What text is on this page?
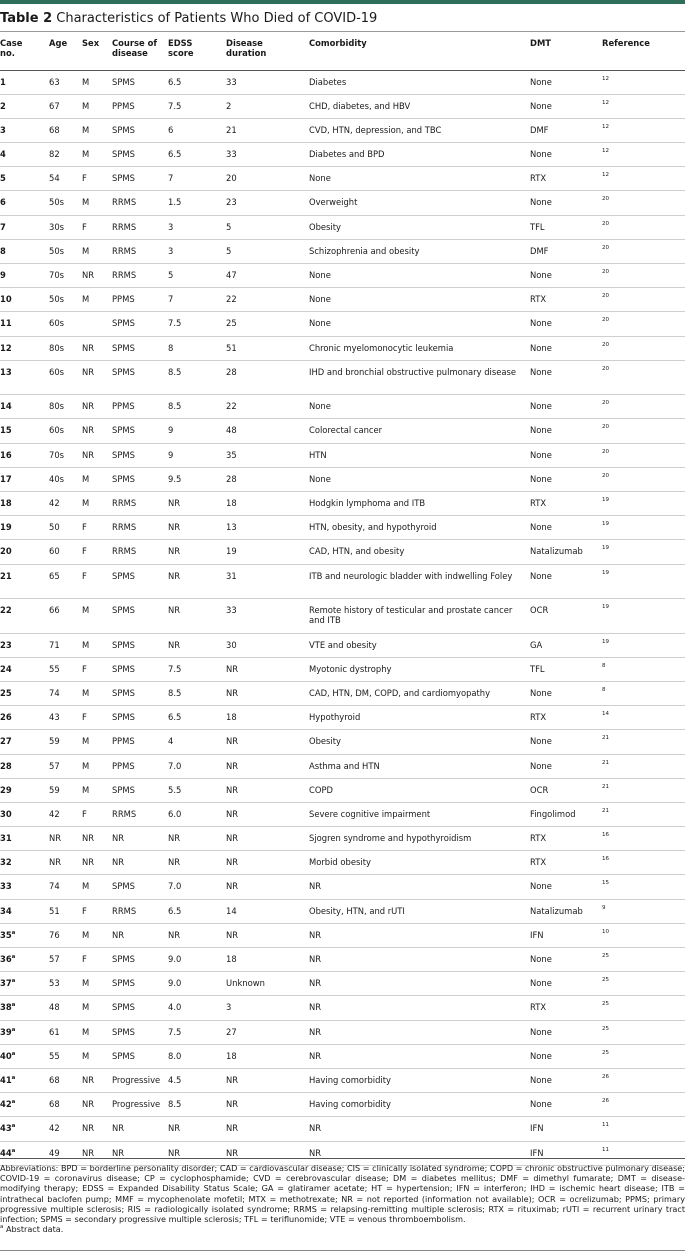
Table 2 Characteristics of Patients Who Died of COVID-19
Case no.	Age	Sex	Course of disease	EDSS score	Disease duration	Comorbidity	DMT	Reference
1	63	M	SPMS	6.5	33	Diabetes	None	$^{12}$
2	67	M	PPMS	7.5	2	CHD, diabetes, and HBV	None	$^{12}$
3	68	M	SPMS	6	21	CVD, HTN, depression, and TBC	DMF	$^{12}$
4	82	M	SPMS	6.5	33	Diabetes and BPD	None	$^{12}$
5	54	F	SPMS	7	20	None	RTX	$^{12}$
6	50s	M	RRMS	1.5	23	Overweight	None	$^{20}$
7	30s	F	RRMS	3	5	Obesity	TFL	$^{20}$
8	50s	M	RRMS	3	5	Schizophrenia and obesity	DMF	$^{20}$
9	70s	NR	RRMS	5	47	None	None	$^{20}$
10	50s	M	PPMS	7	22	None	RTX	$^{20}$
11	60s		SPMS	7.5	25	None	None	$^{20}$
12	80s	NR	SPMS	8	51	Chronic myelomonocytic leukemia	None	$^{20}$
13	60s	NR	SPMS	8.5	28	IHD and bronchial obstructive pulmonary disease	None	$^{20}$
14	80s	NR	PPMS	8.5	22	None	None	$^{20}$
15	60s	NR	SPMS	9	48	Colorectal cancer	None	$^{20}$
16	70s	NR	SPMS	9	35	HTN	None	$^{20}$
17	40s	M	SPMS	9.5	28	None	None	$^{20}$
18	42	M	RRMS	NR	18	Hodgkin lymphoma and ITB	RTX	$^{19}$
19	50	F	RRMS	NR	13	HTN, obesity, and hypothyroid	None	$^{19}$
20	60	F	RRMS	NR	19	CAD, HTN, and obesity	Natalizumab	$^{19}$
21	65	F	SPMS	NR	31	ITB and neurologic bladder with indwelling Foley	None	$^{19}$
22	66	M	SPMS	NR	33	Remote history of testicular and prostate cancer and ITB	OCR	$^{19}$
23	71	M	SPMS	NR	30	VTE and obesity	GA	$^{19}$
24	55	F	SPMS	7.5	NR	Myotonic dystrophy	TFL	$^8$
25	74	M	SPMS	8.5	NR	CAD, HTN, DM, COPD, and cardiomyopathy	None	$^8$
26	43	F	SPMS	6.5	18	Hypothyroid	RTX	$^{14}$
27	59	M	PPMS	4	NR	Obesity	None	$^{21}$
28	57	M	PPMS	7.0	NR	Asthma and HTN	None	$^{21}$
29	59	M	SPMS	5.5	NR	COPD	OCR	$^{21}$
30	42	F	RRMS	6.0	NR	Severe cognitive impairment	Fingolimod	$^{21}$
31	NR	NR	NR	NR	NR	Sjogren syndrome and hypothyroidism	RTX	$^{16}$
32	NR	NR	NR	NR	NR	Morbid obesity	RTX	$^{16}$
33	74	M	SPMS	7.0	NR	NR	None	$^{15}$
34	51	F	RRMS	6.5	14	Obesity, HTN, and rUTI	Natalizumab	$^9$
35$^a$	76	M	NR	NR	NR	NR	IFN	$^{10}$
36$^a$	57	F	SPMS	9.0	18	NR	None	$^{25}$
37$^a$	53	M	SPMS	9.0	Unknown	NR	None	$^{25}$
38$^a$	48	M	SPMS	4.0	3	NR	RTX	$^{25}$
39$^a$	61	M	SPMS	7.5	27	NR	None	$^{25}$
40$^a$	55	M	SPMS	8.0	18	NR	None	$^{25}$
41$^a$	68	NR	Progressive	4.5	NR	Having comorbidity	None	$^{26}$
42$^a$	68	NR	Progressive	8.5	NR	Having comorbidity	None	$^{26}$
43$^a$	42	NR	NR	NR	NR	NR	IFN	$^{11}$
44$^a$	49	NR	NR	NR	NR	NR	IFN	$^{11}$

Abbreviations: BPD = borderline personality disorder; CAD = cardiovascular disease; CIS = clinically isolated syndrome; COPD = chronic obstructive pulmonary disease; COVID-19 = coronavirus disease; CP = cyclophosphamide; CVD = cerebrovascular disease; DM = diabetes mellitus; DMF = dimethyl fumarate; DMT = disease-modifying therapy; EDSS = Expanded Disability Status Scale; GA = glatiramer acetate; HT = hypertension; IFN = interferon; IHD = ischemic heart disease; ITB = intrathecal baclofen pump; MMF = mycophenolate mofetil; MTX = methotrexate; NR = not reported (information not available); OCR = ocrelizumab; PPMS; primary progressive multiple sclerosis; RIS = radiologically isolated syndrome; RRMS = relapsing-remitting multiple sclerosis; RTX = rituximab; rUTI = recurrent urinary tract infection; SPMS = secondary progressive multiple sclerosis; TFL = teriflunomide; VTE = venous thromboembolism.

$^a$ Abstract data.
